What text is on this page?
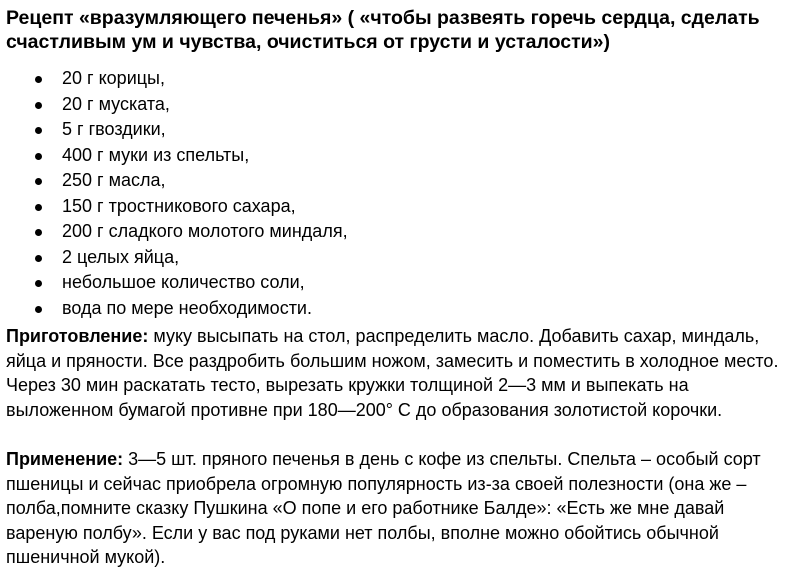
Рецепт «вразумляющего печенья» ( «чтобы развеять горечь сердца, сделать счастливым ум и чувства, очиститься от грусти и усталости»)
20 г корицы,
20 г муската,
5 г гвоздики,
400 г муки из спельты,
250 г масла,
150 г тростникового сахара,
200 г сладкого молотого миндаля,
2 целых яйца,
небольшое количество соли,
вода по мере необходимости.

Приготовление: муку высыпать на стол, распределить масло. Добавить сахар, миндаль, яйца и пряности. Все раздробить большим ножом, замесить и поместить в холодное место. Через 30 мин раскатать тесто, вырезать кружки толщиной 2—3 мм и выпекать на выложенном бумагой противне при 180—200° С до образования золотистой корочки.

Применение: 3—5 шт. пряного печенья в день с кофе из спельты. Спельта – особый сорт пшеницы и сейчас приобрела огромную популярность из-за своей полезности (она же – полба,помните сказку Пушкина «О попе и его работнике Балде»: «Есть же мне давай вареную полбу». Если у вас под руками нет полбы, вполне можно обойтись обычной пшеничной мукой).
